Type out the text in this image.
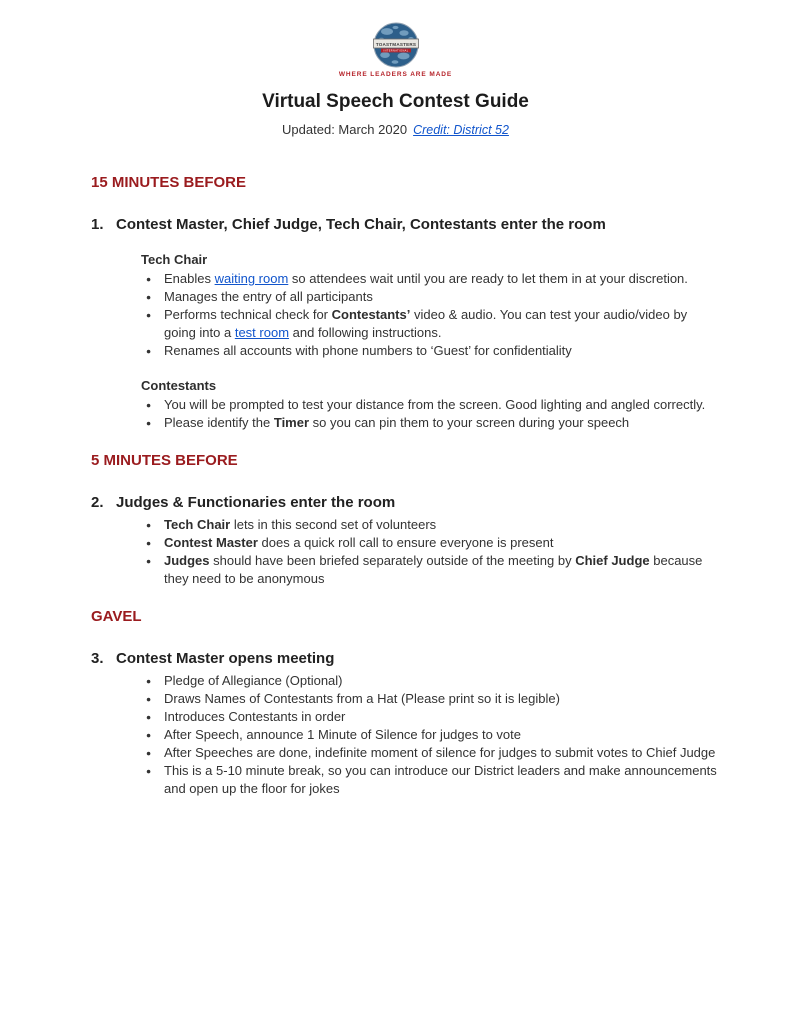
TOASTMASTERS
INTERNATIONAL
WHERE LEADERS ARE MADE
Virtual Speech Contest Guide
Updated: March 2020 Credit: District 52
15 MINUTES BEFORE
1. Contest Master, Chief Judge, Tech Chair, Contestants enter the room
Tech Chair
● Enables waiting room so attendees wait until you are ready to let them in at your discretion.
● Manages the entry of all participants
● Performs technical check for Contestants’ video & audio. You can test your audio/video by going into a test room and following instructions.
● Renames all accounts with phone numbers to ‘Guest’ for confidentiality
Contestants
● You will be prompted to test your distance from the screen. Good lighting and angled correctly.
● Please identify the Timer so you can pin them to your screen during your speech
5 MINUTES BEFORE
2. Judges & Functionaries enter the room
● Tech Chair lets in this second set of volunteers
● Contest Master does a quick roll call to ensure everyone is present
● Judges should have been briefed separately outside of the meeting by Chief Judge because they need to be anonymous
GAVEL
3. Contest Master opens meeting
● Pledge of Allegiance (Optional)
● Draws Names of Contestants from a Hat (Please print so it is legible)
● Introduces Contestants in order
● After Speech, announce 1 Minute of Silence for judges to vote
● After Speeches are done, indefinite moment of silence for judges to submit votes to Chief Judge
● This is a 5-10 minute break, so you can introduce our District leaders and make announcements and open up the floor for jokes
